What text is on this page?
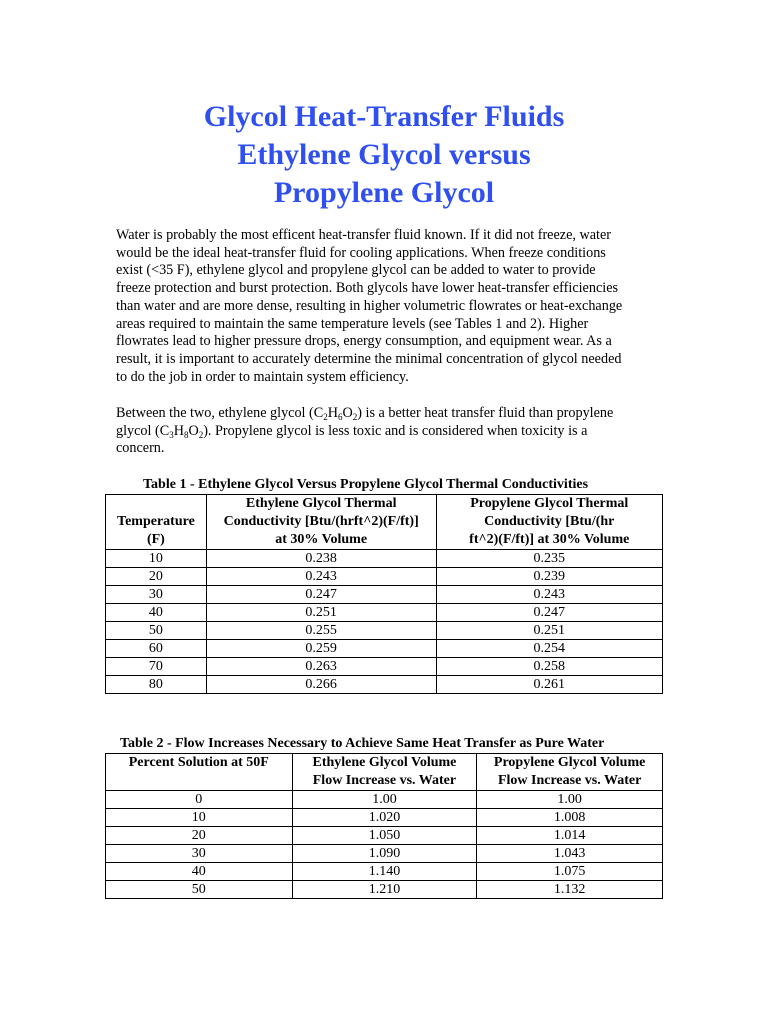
Glycol Heat-Transfer Fluids
Ethylene Glycol versus
Propylene Glycol

Water is probably the most efficent heat-transfer fluid known. If it did not freeze, water
would be the ideal heat-transfer fluid for cooling applications. When freeze conditions
exist (<35 F), ethylene glycol and propylene glycol can be added to water to provide
freeze protection and burst protection. Both glycols have lower heat-transfer efficiencies
than water and are more dense, resulting in higher volumetric flowrates or heat-exchange
areas required to maintain the same temperature levels (see Tables 1 and 2). Higher
flowrates lead to higher pressure drops, energy consumption, and equipment wear. As a
result, it is important to accurately determine the minimal concentration of glycol needed
to do the job in order to maintain system efficiency.

Between the two, ethylene glycol $(C_2H_6O_2)$ is a better heat transfer fluid than propylene
glycol $(C_3H_8O_2)$. Propylene glycol is less toxic and is considered when toxicity is a
concern.

Table 1 - Ethylene Glycol Versus Propylene Glycol Thermal Conductivities
Temperature
(F)	Ethylene Glycol Thermal
Conductivity [Btu/(hrft^2)(F/ft)]
at 30% Volume	Propylene Glycol Thermal
Conductivity [Btu/(hr
ft^2)(F/ft)] at 30% Volume

10	0.238	0.235
20	0.243	0.239
30	0.247	0.243
40	0.251	0.247
50	0.255	0.251
60	0.259	0.254
70	0.263	0.258
80	0.266	0.261
Table 2 - Flow Increases Necessary to Achieve Same Heat Transfer as Pure Water
Percent Solution at 50F	Ethylene Glycol Volume
Flow Increase vs. Water	Propylene Glycol Volume
Flow Increase vs. Water

0	1.00	1.00
10	1.020	1.008
20	1.050	1.014
30	1.090	1.043
40	1.140	1.075
50	1.210	1.132
